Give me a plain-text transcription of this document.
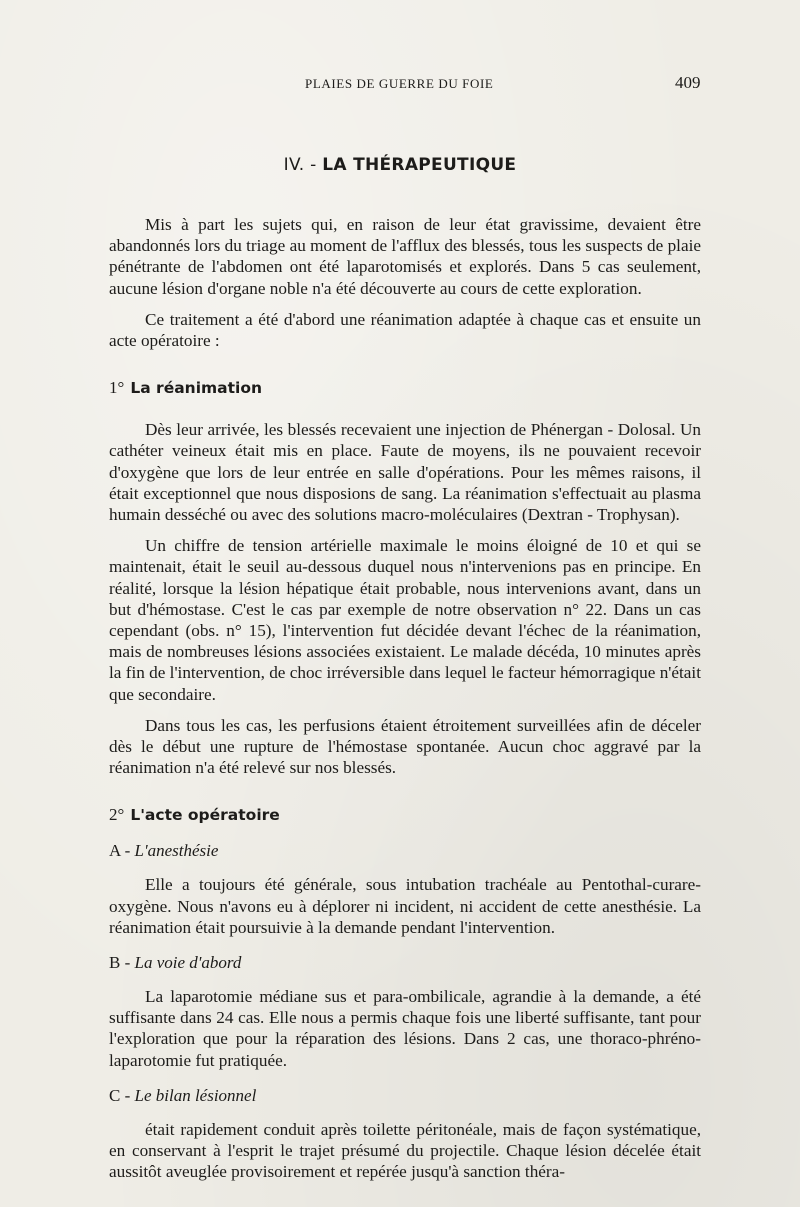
PLAIES DE GUERRE DU FOIE	409
IV. - LA THÉRAPEUTIQUE

Mis à part les sujets qui, en raison de leur état gravissime, devaient être abandonnés lors du triage au moment de l'afflux des blessés, tous les suspects de plaie pénétrante de l'abdomen ont été laparotomisés et explorés. Dans 5 cas seulement, aucune lésion d'organe noble n'a été découverte au cours de cette exploration.

Ce traitement a été d'abord une réanimation adaptée à chaque cas et ensuite un acte opératoire :

1° La réanimation

Dès leur arrivée, les blessés recevaient une injection de Phénergan - Dolosal. Un cathéter veineux était mis en place. Faute de moyens, ils ne pouvaient recevoir d'oxygène que lors de leur entrée en salle d'opérations. Pour les mêmes raisons, il était exceptionnel que nous disposions de sang. La réanimation s'effectuait au plasma humain desséché ou avec des solutions macro-moléculaires (Dextran - Trophysan).

Un chiffre de tension artérielle maximale le moins éloigné de 10 et qui se maintenait, était le seuil au-dessous duquel nous n'intervenions pas en principe. En réalité, lorsque la lésion hépatique était probable, nous intervenions avant, dans un but d'hémostase. C'est le cas par exemple de notre observation n° 22. Dans un cas cependant (obs. n° 15), l'intervention fut décidée devant l'échec de la réanimation, mais de nombreuses lésions associées existaient. Le malade décéda, 10 minutes après la fin de l'intervention, de choc irréversible dans lequel le facteur hémorragique n'était que secondaire.

Dans tous les cas, les perfusions étaient étroitement surveillées afin de déceler dès le début une rupture de l'hémostase spontanée. Aucun choc aggravé par la réanimation n'a été relevé sur nos blessés.

2° L'acte opératoire
A - L'anesthésie

Elle a toujours été générale, sous intubation trachéale au Pentothal-curare-oxygène. Nous n'avons eu à déplorer ni incident, ni accident de cette anesthésie. La réanimation était poursuivie à la demande pendant l'intervention.

B - La voie d'abord

La laparotomie médiane sus et para-ombilicale, agrandie à la demande, a été suffisante dans 24 cas. Elle nous a permis chaque fois une liberté suffisante, tant pour l'exploration que pour la réparation des lésions. Dans 2 cas, une thoraco-phréno-laparotomie fut pratiquée.

C - Le bilan lésionnel

était rapidement conduit après toilette péritonéale, mais de façon systématique, en conservant à l'esprit le trajet présumé du projectile. Chaque lésion décelée était aussitôt aveuglée provisoirement et repérée jusqu'à sanction théra-
